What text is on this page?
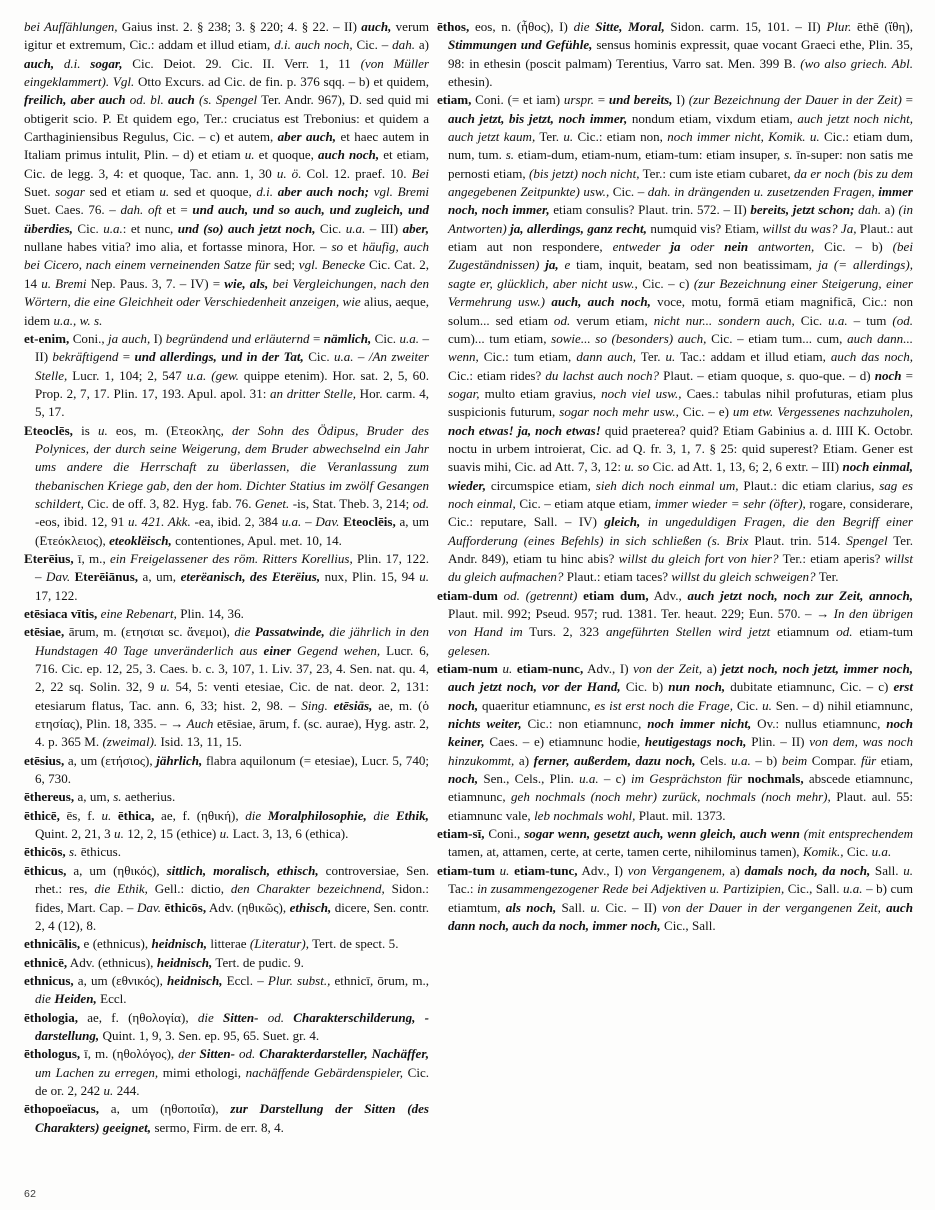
bei Aufſählungen, Gaius inst. 2. § 238; 3. § 220; 4. § 22. – II) auch, verum igitur et extremum, Cic.: addam et illud etiam, d.i. auch noch, Cic. – dah. a) auch, d.i. sogar, Cic. Deiot. 29. Cic. II. Verr. 1, 11 (von Müller eingeklammert). Vgl. Otto Excurs. ad Cic. de fin. p. 376 sqq. – b) et quidem, freilich, aber auch od. bl. auch (s. Spengel Ter. Andr. 967), D. sed quid mi obtigerit scio. P. Et quidem ego, Ter.: cruciatus est Trebonius: et quidem a Carthaginiensibus Regulus, Cic. – c) et autem, aber auch, et haec autem in Italiam primus intulit, Plin. – d) et etiam u. et quoque, auch noch, et etiam, Cic. de legg. 3, 4: et quoque, Tac. ann. 1, 30 u. ö. Col. 12. praef. 10. Bei Suet. sogar sed et etiam u. sed et quoque, d.i. aber auch noch; vgl. Bremi Suet. Caes. 76. – dah. oft et = und auch, und so auch, und zugleich, und überdies, Cic. u.a.: et nunc, und (so) auch jetzt noch, Cic. u.a. – III) aber, nullane habes vitia? imo alia, et fortasse minora, Hor. – so et häufig, auch bei Cicero, nach einem verneinenden Satze für sed; vgl. Benecke Cic. Cat. 2, 14 u. Bremi Nep. Paus. 3, 7. – IV) = wie, als, bei Vergleichungen, nach den Wörtern, die eine Gleichheit oder Verschiedenheit anzeigen, wie alius, aeque, idem u.a., w. s.

et-enim, Coni., ja auch, I) begründend und erläuternd = nämlich, Cic. u.a. – II) bekräftigend = und allerdings, und in der Tat, Cic. u.a. – /An zweiter Stelle, Lucr. 1, 104; 2, 547 u.a. (gew. quippe etenim). Hor. sat. 2, 5, 60. Prop. 2, 7, 17. Plin. 17, 193. Apul. apol. 31: an dritter Stelle, Hor. carm. 4, 5, 17.

Eteoclēs, is u. eos, m. (Ετεοκλης, der Sohn des Ödipus, Bruder des Polynices, der durch seine Weigerung, dem Bruder abwechselnd ein Jahr ums andere die Herrschaft zu überlassen, die Veranlassung zum thebanischen Kriege gab, den der hom. Dichter Statius im zwölf Gesangen schildert, Cic. de off. 3, 82. Hyg. fab. 76. Genet. -is, Stat. Theb. 3, 214; od. -eos, ibid. 12, 91 u. 421. Akk. -ea, ibid. 2, 384 u.a. – Dav. Eteoclēis, a, um (Ετεόκλειος), eteoklëisch, contentiones, Apul. met. 10, 14.

Eterēius, ī, m., ein Freigelassener des röm. Ritters Korellius, Plin. 17, 122. – Dav. Eterēiānus, a, um, eterëanisch, des Eterëius, nux, Plin. 15, 94 u. 17, 122.

etēsiaca vītis, eine Rebenart, Plin. 14, 36.

etēsiae, ārum, m. (ετησιαι sc. ἄνεμοι), die Passatwinde, die jährlich in den Hundstagen 40 Tage unveränderlich aus einer Gegend wehen, Lucr. 6, 716. Cic. ep. 12, 25, 3. Caes. b. c. 3, 107, 1. Liv. 37, 23, 4. Sen. nat. qu. 4, 2, 22 sq. Solin. 32, 9 u. 54, 5: venti etesiae, Cic. de nat. deor. 2, 131: etesiarum flatus, Tac. ann. 6, 33; hist. 2, 98. – Sing. etēsiās, ae, m. (ὁ ετησίας), Plin. 18, 335. – → Auch etēsiae, ārum, f. (sc. aurae), Hyg. astr. 2, 4. p. 365 M. (zweimal). Isid. 13, 11, 15.

etēsius, a, um (ετήσιος), jährlich, flabra aquilonum (= etesiae), Lucr. 5, 740; 6, 730.

ēthereus, a, um, s. aetherius.

ēthicē, ēs, f. u. ēthica, ae, f. (ηθική), die Moralphilosophie, die Ethik, Quint. 2, 21, 3 u. 12, 2, 15 (ethice) u. Lact. 3, 13, 6 (ethica).

ēthicōs, s. ēthicus.

ēthicus, a, um (ηθικός), sittlich, moralisch, ethisch, controversiae, Sen. rhet.: res, die Ethik, Gell.: dictio, den Charakter bezeichnend, Sidon.: fides, Mart. Cap. – Dav. ēthicōs, Adv. (ηθικῶς), ethisch, dicere, Sen. contr. 2, 4 (12), 8.

ethnicālis, e (ethnicus), heidnisch, litterae (Literatur), Tert. de spect. 5.

ethnicē, Adv. (ethnicus), heidnisch, Tert. de pudic. 9.

ethnicus, a, um (εθνικός), heidnisch, Eccl. – Plur. subst., ethnicī, ōrum, m., die Heiden, Eccl.

ēthologia, ae, f. (ηθολογία), die Sitten- od. Charakterschilderung, -darstellung, Quint. 1, 9, 3. Sen. ep. 95, 65. Suet. gr. 4.

ēthologus, ī, m. (ηθολόγος), der Sitten- od. Charakterdarsteller, Nachäffer, um Lachen zu erregen, mimi ethologi, nachäffende Gebärdenspieler, Cic. de or. 2, 242 u. 244.

ēthopoeïacus, a, um (ηθοποιΐα), zur Darstellung der Sitten (des Charakters) geeignet, sermo, Firm. de err. 8, 4.

ēthos, eos, n. (ἦθος), I) die Sitte, Moral, Sidon. carm. 15, 101. – II) Plur. ēthē (ἴθη), Stimmungen und Gefühle, sensus hominis expressit, quae vocant Graeci ethe, Plin. 35, 98: in ethesin (poscit palmam) Terentius, Varro sat. Men. 399 B. (wo also griech. Abl. ethesin).

etiam, Coni. (= et iam) urspr. = und bereits, I) (zur Bezeichnung der Dauer in der Zeit) = auch jetzt, bis jetzt, noch immer, nondum etiam, vixdum etiam, auch jetzt noch nicht, auch jetzt kaum, Ter. u. Cic.: etiam non, noch immer nicht, Komik. u. Cic.: etiam dum, num, tum. s. etiam-dum, etiam-num, etiam-tum: etiam insuper, s. īn-super: non satis me pernosti etiam, (bis jetzt) noch nicht, Ter.: cum iste etiam cubaret, da er noch (bis zu dem angegebenen Zeitpunkte) usw., Cic. – dah. in drängenden u. zusetzenden Fragen, immer noch, noch immer, etiam consulis? Plaut. trin. 572. – II) bereits, jetzt schon; dah. a) (in Antworten) ja, allerdings, ganz recht, numquid vis? Etiam, willst du was? Ja, Plaut.: aut etiam aut non respondere, entweder ja oder nein antworten, Cic. – b) (bei Zugeständnissen) ja, e tiam, inquit, beatam, sed non beatissimam, ja (= allerdings), sagte er, glücklich, aber nicht usw., Cic. – c) (zur Bezeichnung einer Steigerung, einer Vermehrung usw.) auch, auch noch, voce, motu, formā etiam magnificā, Cic.: non solum... sed etiam od. verum etiam, nicht nur... sondern auch, Cic. u.a. – tum (od. cum)... tum etiam, sowie... so (besonders) auch, Cic. – etiam tum... cum, auch dann... wenn, Cic.: tum etiam, dann auch, Ter. u. Tac.: addam et illud etiam, auch das noch, Cic.: etiam rides? du lachst auch noch? Plaut. – etiam quoque, s. quo-que. – d) noch = sogar, multo etiam gravius, noch viel usw., Caes.: tabulas nihil profuturas, etiam plus suspicionis futurum, sogar noch mehr usw., Cic. – e) um etw. Vergessenes nachzuholen, noch etwas! ja, noch etwas! quid praeterea? quid? Etiam Gabinius a. d. IIII K. Octobr. noctu in urbem introierat, Cic. ad Q. fr. 3, 1, 7. § 25: quid superest? Etiam. Gener est suavis mihi, Cic. ad Att. 7, 3, 12: u. so Cic. ad Att. 1, 13, 6; 2, 6 extr. – III) noch einmal, wieder, circumspice etiam, sieh dich noch einmal um, Plaut.: dic etiam clarius, sag es noch einmal, Cic. – etiam atque etiam, immer wieder = sehr (öfter), rogare, considerare, Cic.: reputare, Sall. – IV) gleich, in ungeduldigen Fragen, die den Begriff einer Aufforderung (eines Befehls) in sich schließen (s. Brix Plaut. trin. 514. Spengel Ter. Andr. 849), etiam tu hinc abis? willst du gleich fort von hier? Ter.: etiam aperis? willst du gleich aufmachen? Plaut.: etiam taces? willst du gleich schweigen? Ter.

etiam-dum od. (getrennt) etiam dum, Adv., auch jetzt noch, noch zur Zeit, annoch, Plaut. mil. 992; Pseud. 957; rud. 1381. Ter. heaut. 229; Eun. 570. – → In den übrigen von Hand im Turs. 2, 323 angeführten Stellen wird jetzt etiamnum od. etiam-tum gelesen.

etiam-num u. etiam-nunc, Adv., I) von der Zeit, a) jetzt noch, noch jetzt, immer noch, auch jetzt noch, vor der Hand, Cic. b) nun noch, dubitate etiamnunc, Cic. – c) erst noch, quaeritur etiamnunc, es ist erst noch die Frage, Cic. u. Sen. – d) nihil etiamnunc, nichts weiter, Cic.: non etiamnunc, noch immer nicht, Ov.: nullus etiamnunc, noch keiner, Caes. – e) etiamnunc hodie, heutigestags noch, Plin. – II) von dem, was noch hinzukommt, a) ferner, außerdem, dazu noch, Cels. u.a. – b) beim Compar. für etiam, noch, Sen., Cels., Plin. u.a. – c) im Gesprächston für nochmals, abscede etiamnunc, etiamnunc, geh nochmals (noch mehr) zurück, nochmals (noch mehr), Plaut. aul. 55: etiamnunc vale, leb nochmals wohl, Plaut. mil. 1373.

etiam-sī, Coni., sogar wenn, gesetzt auch, wenn gleich, auch wenn (mit entsprechendem tamen, at, attamen, certe, at certe, tamen certe, nihilominus tamen), Komik., Cic. u.a.

etiam-tum u. etiam-tunc, Adv., I) von Vergangenem, a) damals noch, da noch, Sall. u. Tac.: in zusammengezogener Rede bei Adjektiven u. Partizipien, Cic., Sall. u.a. – b) cum etiamtum, als noch, Sall. u. Cic. – II) von der Dauer in der vergangenen Zeit, auch dann noch, auch da noch, immer noch, Cic., Sall.

62
